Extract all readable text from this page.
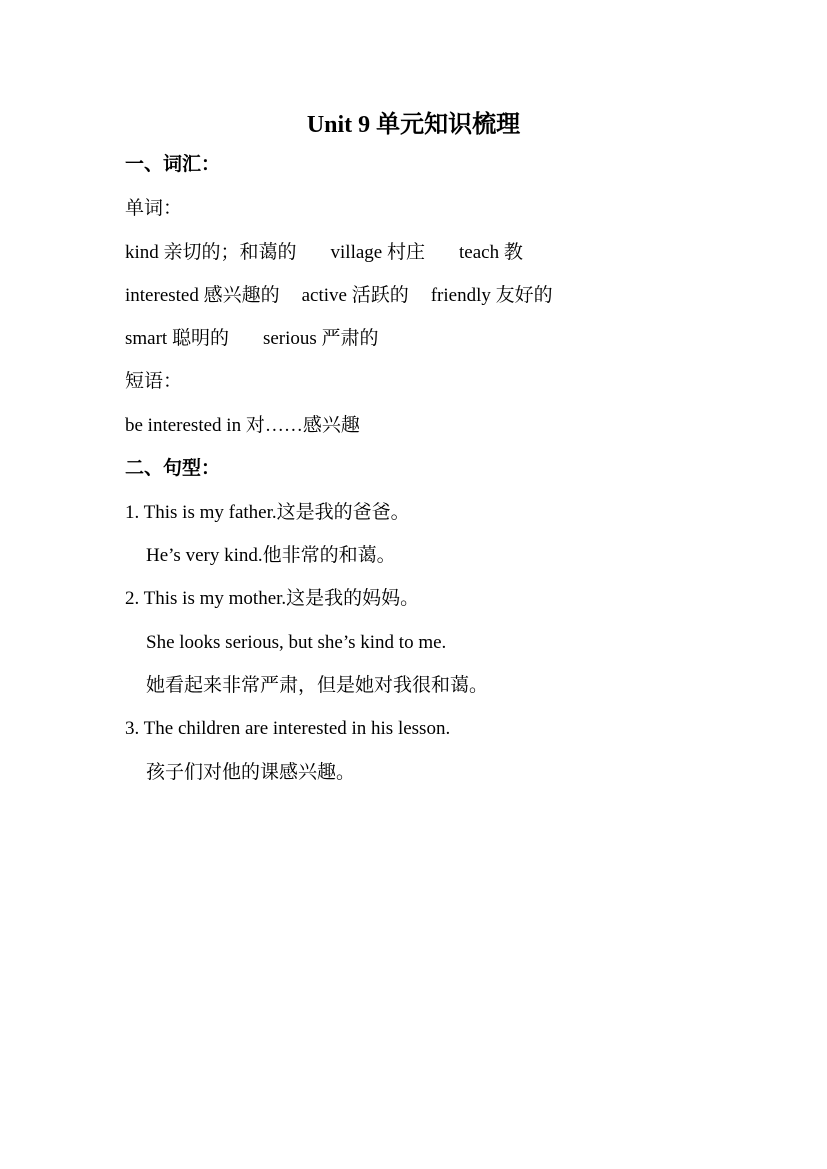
Unit 9 单元知识梳理
一、词汇：
单词：
kind 亲切的；和蔼的 village 村庄 teach 教
interested 感兴趣的 active 活跃的 friendly 友好的
smart 聪明的 serious 严肃的
短语：
be interested in 对……感兴趣
二、句型：
1. This is my father.这是我的爸爸。
He’s very kind.他非常的和蔼。
2. This is my mother.这是我的妈妈。
She looks serious, but she’s kind to me.
她看起来非常严肃，但是她对我很和蔼。
3. The children are interested in his lesson.
孩子们对他的课感兴趣。
